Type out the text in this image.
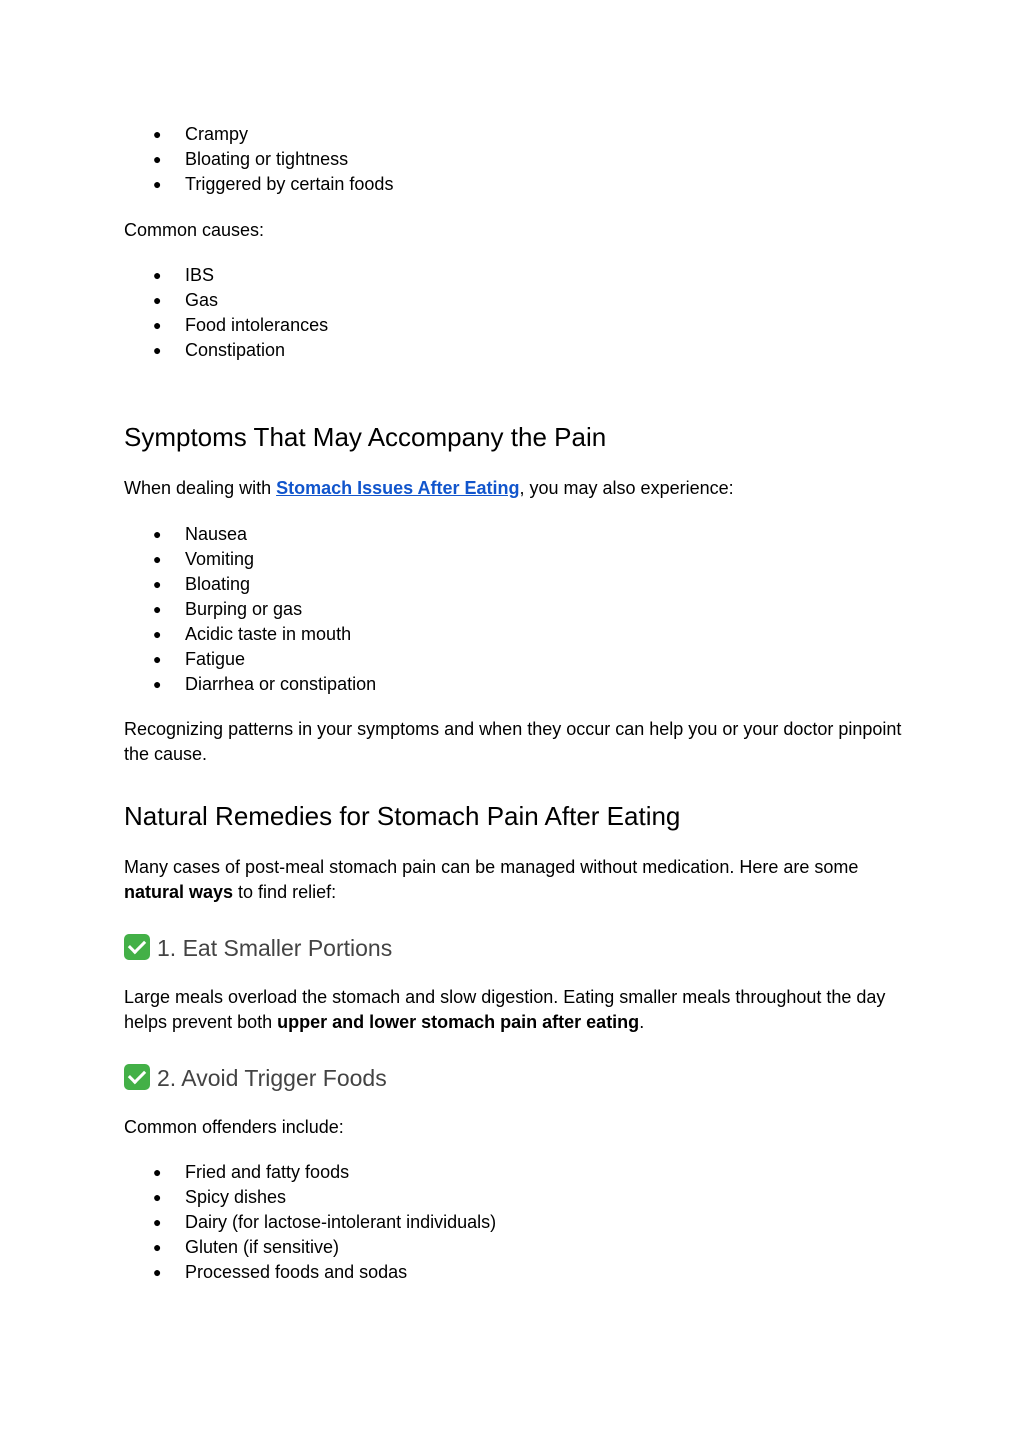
● Crampy
● Bloating or tightness
● Triggered by certain foods

Common causes:

● IBS
● Gas
● Food intolerances
● Constipation
Symptoms That May Accompany the Pain

When dealing with Stomach Issues After Eating, you may also experience:

● Nausea
● Vomiting
● Bloating
● Burping or gas
● Acidic taste in mouth
● Fatigue
● Diarrhea or constipation

Recognizing patterns in your symptoms and when they occur can help you or your doctor pinpoint the cause.

Natural Remedies for Stomach Pain After Eating

Many cases of post-meal stomach pain can be managed without medication. Here are some natural ways to find relief:

1. Eat Smaller Portions

Large meals overload the stomach and slow digestion. Eating smaller meals throughout the day helps prevent both upper and lower stomach pain after eating.

2. Avoid Trigger Foods

Common offenders include:

● Fried and fatty foods
● Spicy dishes
● Dairy (for lactose-intolerant individuals)
● Gluten (if sensitive)
● Processed foods and sodas
